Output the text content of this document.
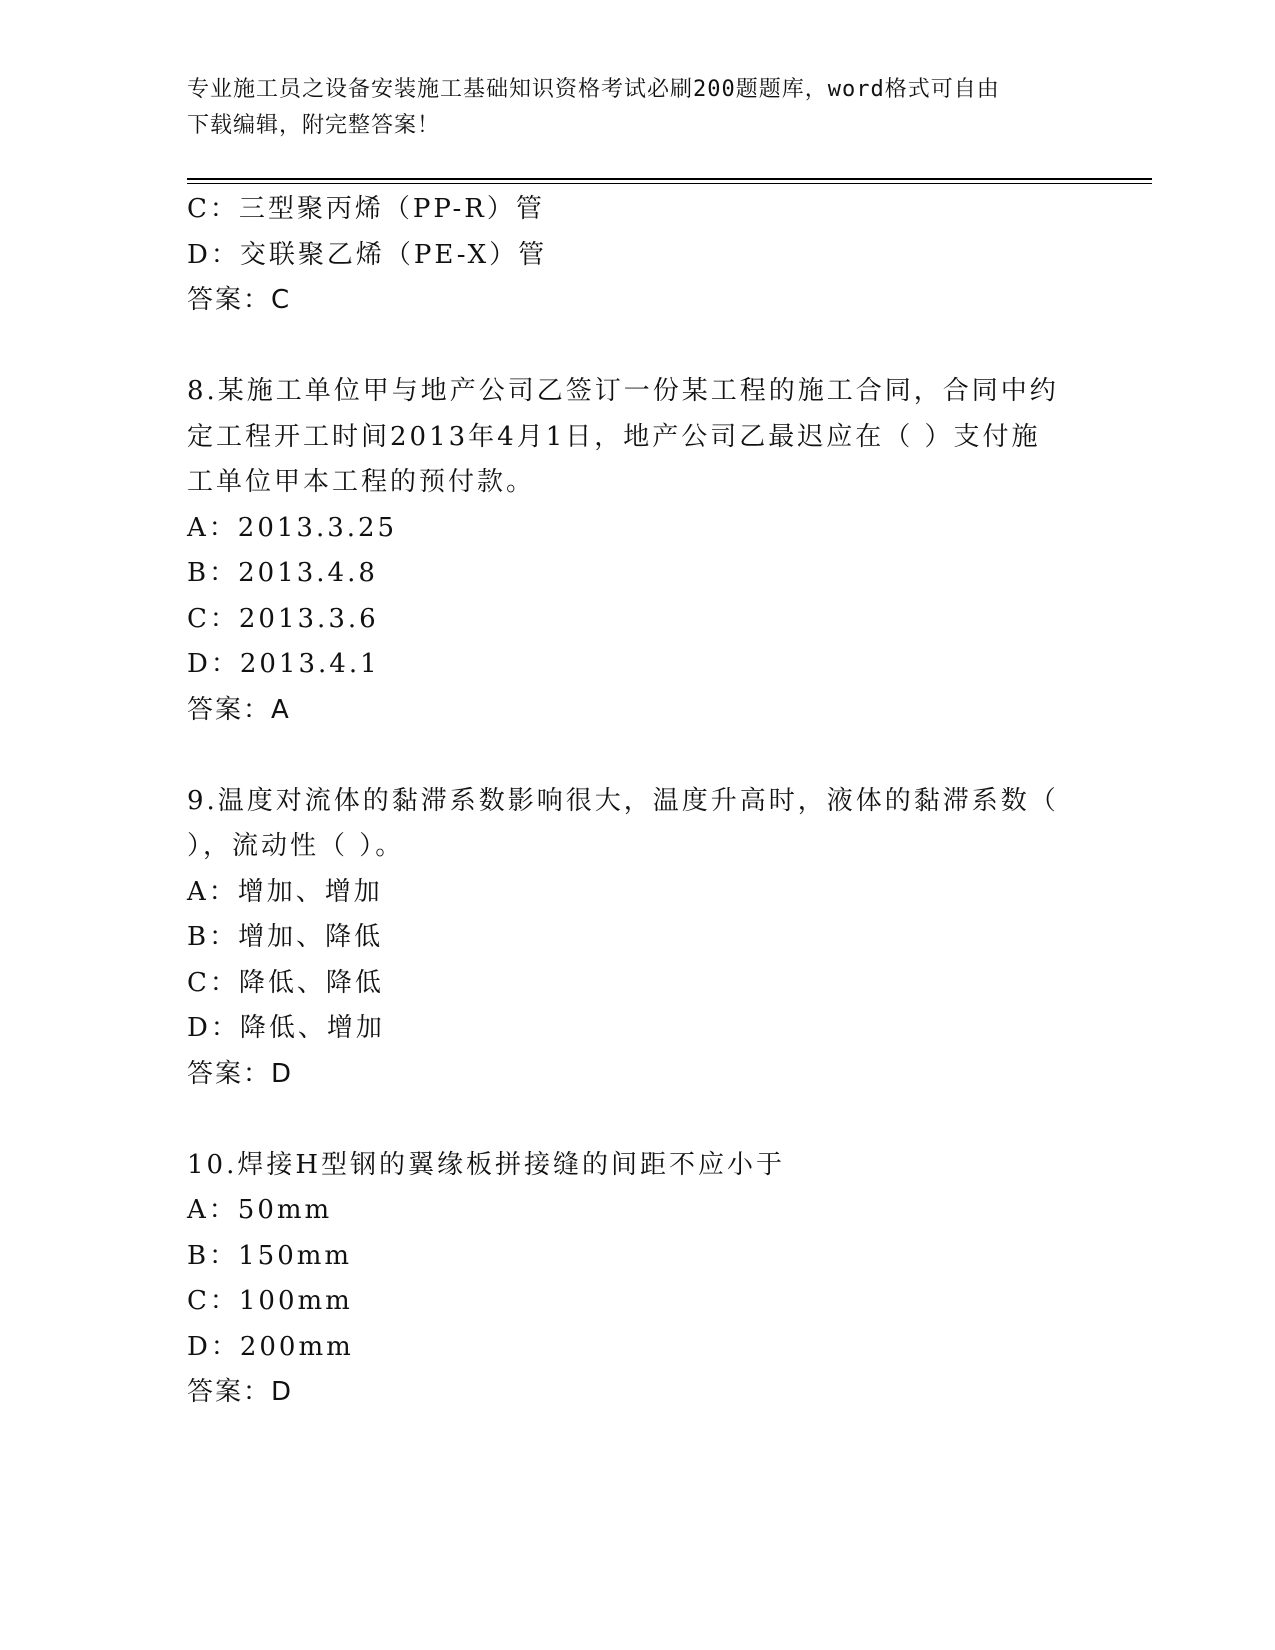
专业施工员之设备安装施工基础知识资格考试必刷200题题库，word格式可自由
下载编辑，附完整答案！

C：三型聚丙烯（PP-R）管

D：交联聚乙烯（PE-X）管

答案：C

8.某施工单位甲与地产公司乙签订一份某工程的施工合同，合同中约

定工程开工时间2013年4月1日，地产公司乙最迟应在（ ）支付施

工单位甲本工程的预付款。

A：2013.3.25

B：2013.4.8

C：2013.3.6

D：2013.4.1

答案：A

9.温度对流体的黏滞系数影响很大，温度升高时，液体的黏滞系数（

），流动性（ ）。

A：增加、增加

B：增加、降低

C：降低、降低

D：降低、增加

答案：D

10.焊接H型钢的翼缘板拼接缝的间距不应小于

A：50mm

B：150mm

C：100mm

D：200mm

答案：D
